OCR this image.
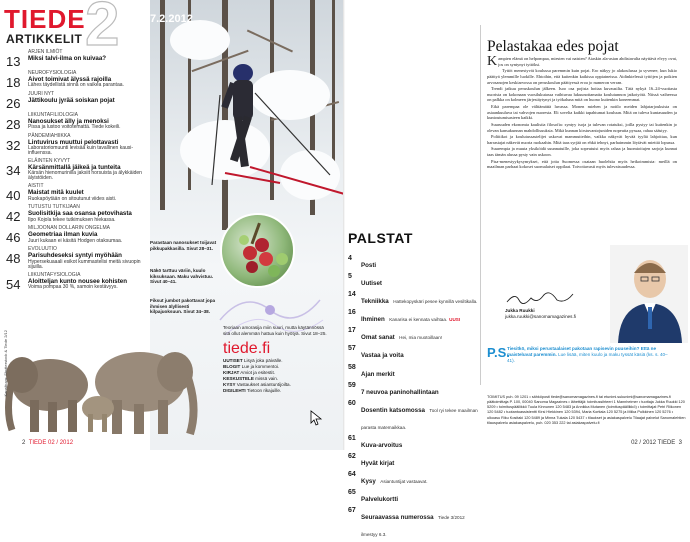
TIEDE 2	7.2.2012
ARTIKKELIT
13
ARJEN ILMIÖT
Miksi talvi-ilma on kuivaa?
18
NEUROFYSIOLOGIA
Aivot toimivat älyssä rajoilla
Lähes täydellistä sinnä on vaikea parantaa.
26
JUURI NYT
Jättikoulu jyrää soiskan pojat
28
LIIKUNTAFILIOLOGIA
Nanosukset älly ja menoksi
Pissa ja lustoo voitotemattä. Tiede kokeili.
32
PÄNDEMIAHIIKKA
Lintuvirus muuttui pelottavasti
Laboratoriomuunti levisää kuin tavallinen kausi-influenssa.
34
ELÄINTEN KYVYT
Kärsänmittallä jäikeä ja tunteita
Kärsän hienomurinilla jaksiit norsuista ja älykkäiden älyistöiden.
40
AISTIT
Maistat mitä kuulet
Ruokapöytään on sitoutunut viides aisti.
42
TUTUSTU TUTKIJAAN
Suolisitkija saa osansa petovihasta
Ilpo Kojola tekee tutkimuksen hiekassa.
46
MILJOONAN DOLLARIN ONGELMA
Geometriaa ilman kuvia
Juuri kukaan ei käsitä Hodgen otaksumaa.
48
EVOLUUTIO
Parisuhdeseksi syntyi myöhään
Hypersekuaaali esikot kummastelisi meitä sivuopin sijuilla.
54
LIIKUNTAFYSIOLOGIA
Aloitteljan kunto nousee kohisten
Voima pompaa 30 %, samoin kestävyys.
Parastaan nanosukset toijavat pikkupakkasilla. Sivut 28–31.
Näkö tarttuu väriin, kuulo kiksuksaan. Maku vahvistuu. Sivut 40–41.
Fiksut jumbot pakottavat jopa ihmisen älyllisesti kilpajuoksuun. Sivut 34–38.
Teoriaan amorasija miin suuri, mutta käytännössä sitä ollut alemmän hattua kuin hyötyä. Sivut 18–25.
tiede.fi
UUTISET Lisyä joka päivälle.
BLOGIT Lue ja kommentoi.
KIRJAT Arviot ja esitestit.
KESKUSTELE missä vain.
KYSY Vastaukset asiantuntijoilta.
DIGILEHTI Tietoon rikajuille.
Kansikuva: Shutterstock & Tiede 2/12
2 TIEDE 02 / 2012
PALSTAT
4
Posti
5
Uutiset
14
Tekniikka Hattekopyskäri pesee kynnillä vesiltikalla.
16
Ihminen Kanarisa ei kennata vaihtaa. UUSI
17
Omat sanat Hei, mia muotoillaan!
57
Vastaa ja voita
58
Ajan merkit
59
7 neuvoa paninohallintaan
60
Dosentin katsomossa Tool ryi tekee maailman parasta matemaikkaa.
61
Kuva-arvoitus
62
Hyvät kirjat
64
Kysy Asiantuntijat vastaavat.
65
Palvelukortti
67
Seuraavassa numerossa Tiede 3/2012 ilmestyy 6.3.
Pelastakaa edes pojat

Kampien elämä on helpompaa, miesten vai naisten? Aiaskin ala-asian ahdistavalta näyttävä elvyy ovat, jos on syntynyt tyttöksi.

Tyttöt menestyvät koulussa paremmin kuin pojat. Ero näkyy jo alakoulussa ja syvenee, kun lukio päättyä ylemmille luokille. Ehtoihin, että kuitenkin kaikissa oppiaineissa. Aidinkielessä tyttöjen ja poikien arvosanojen keskiarvossa on peruskoulun päättyessä eroa jo numeron verran.

Trendi jatkuu peruskoulun jälkeen. Isoo osa pojista hoitaa kuvausilta. Tätä nykyä 16–24-vuotiasta nuorista on kokonaan vuosilukutassa vaihtuvaa lukuunottamatta koulutunnon jatkotyötä. Niissä vaiheessa on palkka on kolmeen järjestäytynyt ja työkaluna mitä on huono kuitenkin koneemmat.

Eikä parempaa ole välttämättä luvassa. Monen miehen ja noitlo meiden lahjatarjouksista on asiaankuuluva tai vahvojen nuoresta. Eli sovelta kaikki tapahtumat kouluun. Mitä on tuleva kuntasuuden ja kuntoutumisasteen kaikki.

Suuruuden ekonomia kaulistia filosofia: syntyy isoja ja tulevan rotatuksi, joilla pystyy tai kuitenkin jo olevan kansakunnan mahdollisuuksia. Mikä kunnan kirstuvantojuniden nopeutta pyssaa, rahaa säästyy.

Poliitikot ja koulutussastelijet uskovat mammutteihin, vaikka näkyvät hyvää tyyliä lahjoittaa, kun harrastajat näkevät nuoria ruokaahin. Mitä taas syrjää on ehkä tehnyt, parhaimmin löytävät miettiä lopussa.

Suurempia ja muuta yksiköidä suunnatuille, joka sopeutuisi myös rahaa ja huomioitujen sarjoja kunnat taas tämän alussa pysty vain uskoon.

Pisa-menestyykysymykset, että jotta Suomessa osataan huolehtia myös heikoimmista: meillä on maailman parhaat kokoset suomalaiset oppilaat. Toivottavasti myös tulevaisuudessa.

Jukka Ruukki
jukka.ruukki@sanomamagazines.fi
P.S.
Tiesitkö, miksi perustaalaiset pakotaan rapisevin puuseihin? Että ne maisteluvat paremmin. Lue lisää, miten kuulo ja maku tyssät käsiä (ks. s. 40–41).
TOIMITUS puh. 09 1201 • sähköposti tiede@sanomamagazines.fi tai etunimi.sukunimi@sanomamagazines.fi päätoimittaja P. 100, 00040 Sanoma Magazines • lähettäjä: toimitussihteeri 1 Mannheimer • tuottaja Jukka Ruukki 120 5209 • toimituspäällikkö Tuula Kinnunen 120 5483 ja Annikka Mutanen (toimituspäällikkö) • toimittajat Petri Riikonen 120 5482 • tuotantoassistentti Kirsi Hiekkinen 120 5394, Maria Kortiala 120 5275 ja Miika Pulkkinen 120 5276 • ulkoasu Riku Kositaki 120 5489 ja Minna Tukala 120 5437 • tilaukset ja asiakaspalvelu Tilaajat palvelut Sanomalehtien tilauspalvelu asiakaspalvelu, puh. 020 353 222 tai asiakaspalvelu.fi
02 / 2012 TIEDE 3
